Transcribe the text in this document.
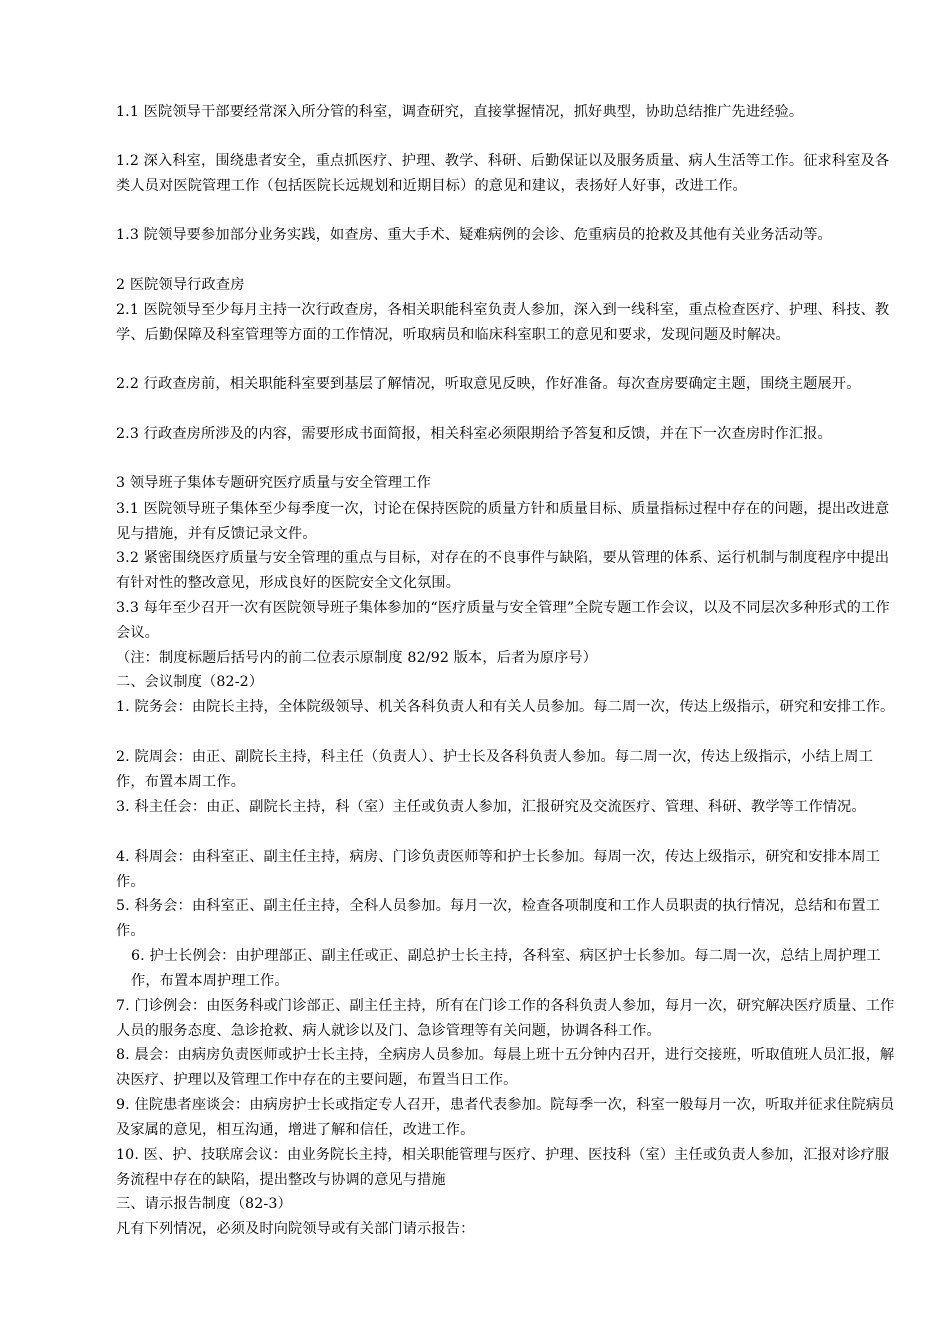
1.1 医院领导干部要经常深入所分管的科室，调查研究，直接掌握情况，抓好典型，协助总结推广先进经验。

1.2 深入科室，围绕患者安全，重点抓医疗、护理、教学、科研、后勤保证以及服务质量、病人生活等工作。征求科室及各类人员对医院管理工作（包括医院长远规划和近期目标）的意见和建议，表扬好人好事，改进工作。

1.3 院领导要参加部分业务实践，如查房、重大手术、疑难病例的会诊、危重病员的抢救及其他有关业务活动等。

2 医院领导行政查房

2.1 医院领导至少每月主持一次行政查房，各相关职能科室负责人参加，深入到一线科室，重点检查医疗、护理、科技、教学、后勤保障及科室管理等方面的工作情况，听取病员和临床科室职工的意见和要求，发现问题及时解决。

2.2 行政查房前，相关职能科室要到基层了解情况，听取意见反映，作好准备。每次查房要确定主题，围绕主题展开。

2.3 行政查房所涉及的内容，需要形成书面简报，相关科室必须限期给予答复和反馈，并在下一次查房时作汇报。

3 领导班子集体专题研究医疗质量与安全管理工作

3.1 医院领导班子集体至少每季度一次，讨论在保持医院的质量方针和质量目标、质量指标过程中存在的问题，提出改进意见与措施，并有反馈记录文件。

3.2 紧密围绕医疗质量与安全管理的重点与目标，对存在的不良事件与缺陷，要从管理的体系、运行机制与制度程序中提出有针对性的整改意见，形成良好的医院安全文化氛围。

3.3 每年至少召开一次有医院领导班子集体参加的“医疗质量与安全管理”全院专题工作会议，以及不同层次多种形式的工作会议。

（注：制度标题后括号内的前二位表示原制度 82/92 版本，后者为原序号）

二、会议制度（82-2）

1. 院务会：由院长主持，全体院级领导、机关各科负责人和有关人员参加。每二周一次，传达上级指示，研究和安排工作。

2. 院周会：由正、副院长主持，科主任（负责人）、护士长及各科负责人参加。每二周一次，传达上级指示，小结上周工作，布置本周工作。

3. 科主任会：由正、副院长主持，科（室）主任或负责人参加，汇报研究及交流医疗、管理、科研、教学等工作情况。

4. 科周会：由科室正、副主任主持，病房、门诊负责医师等和护士长参加。每周一次，传达上级指示，研究和安排本周工作。

5. 科务会：由科室正、副主任主持，全科人员参加。每月一次，检查各项制度和工作人员职责的执行情况，总结和布置工作。

6. 护士长例会：由护理部正、副主任或正、副总护士长主持，各科室、病区护士长参加。每二周一次，总结上周护理工作，布置本周护理工作。

7. 门诊例会：由医务科或门诊部正、副主任主持，所有在门诊工作的各科负责人参加，每月一次，研究解决医疗质量、工作人员的服务态度、急诊抢救、病人就诊以及门、急诊管理等有关问题，协调各科工作。

8. 晨会：由病房负责医师或护士长主持，全病房人员参加。每晨上班十五分钟内召开，进行交接班，听取值班人员汇报，解决医疗、护理以及管理工作中存在的主要问题，布置当日工作。

9. 住院患者座谈会：由病房护士长或指定专人召开，患者代表参加。院每季一次，科室一般每月一次，听取并征求住院病员及家属的意见，相互沟通，增进了解和信任，改进工作。

10. 医、护、技联席会议：由业务院长主持，相关职能管理与医疗、护理、医技科（室）主任或负责人参加，汇报对诊疗服务流程中存在的缺陷，提出整改与协调的意见与措施

三、请示报告制度（82-3）

凡有下列情况，必须及时向院领导或有关部门请示报告：
